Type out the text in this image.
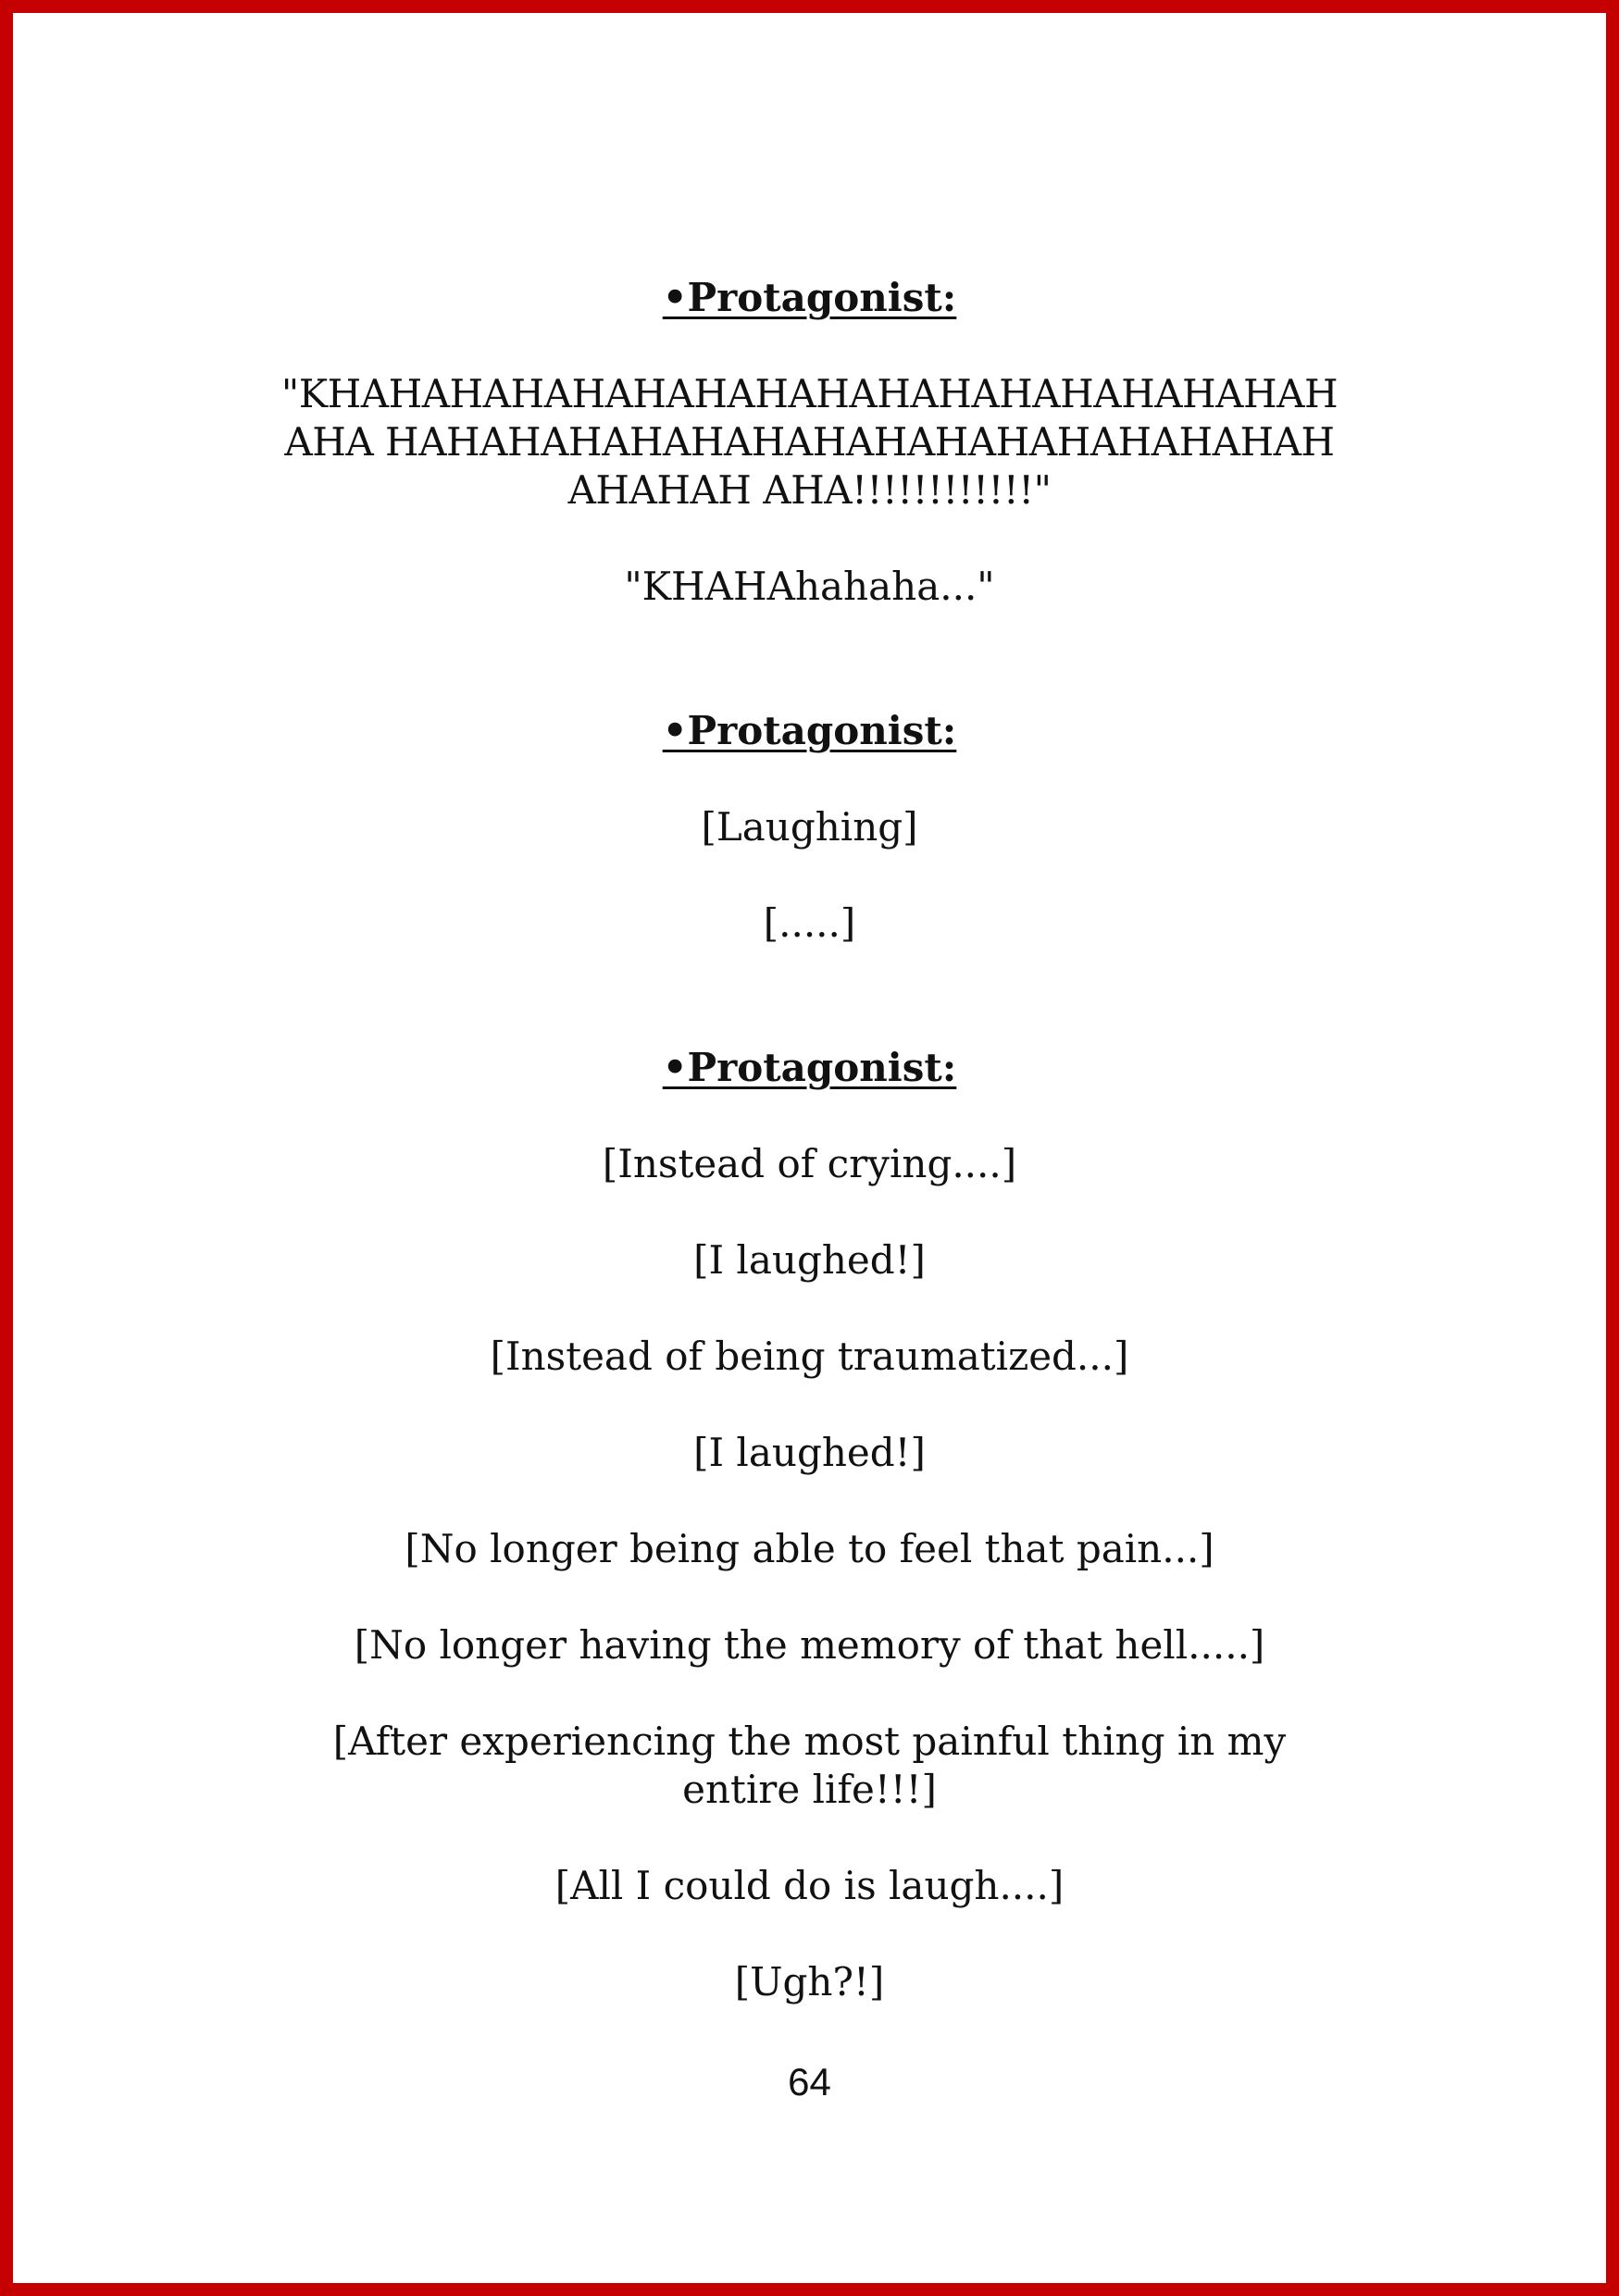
•Protagonist:

"KHAHAHAHAHAHAHAHAHAHAHAHAHAHAHAHAHAHA HAHAHAHAHAHAHAHAHAHAHAHAHAHAHAHAHAHAH AHA!!!!!!!!!!!!"

"KHAHAhahaha..."

•Protagonist:

[Laughing]

[.....]

•Protagonist:

[Instead of crying....]

[I laughed!]

[Instead of being traumatized...]

[I laughed!]

[No longer being able to feel that pain...]

[No longer having the memory of that hell.....]

[After experiencing the most painful thing in my entire life!!!]

[All I could do is laugh....]

[Ugh?!]

64
